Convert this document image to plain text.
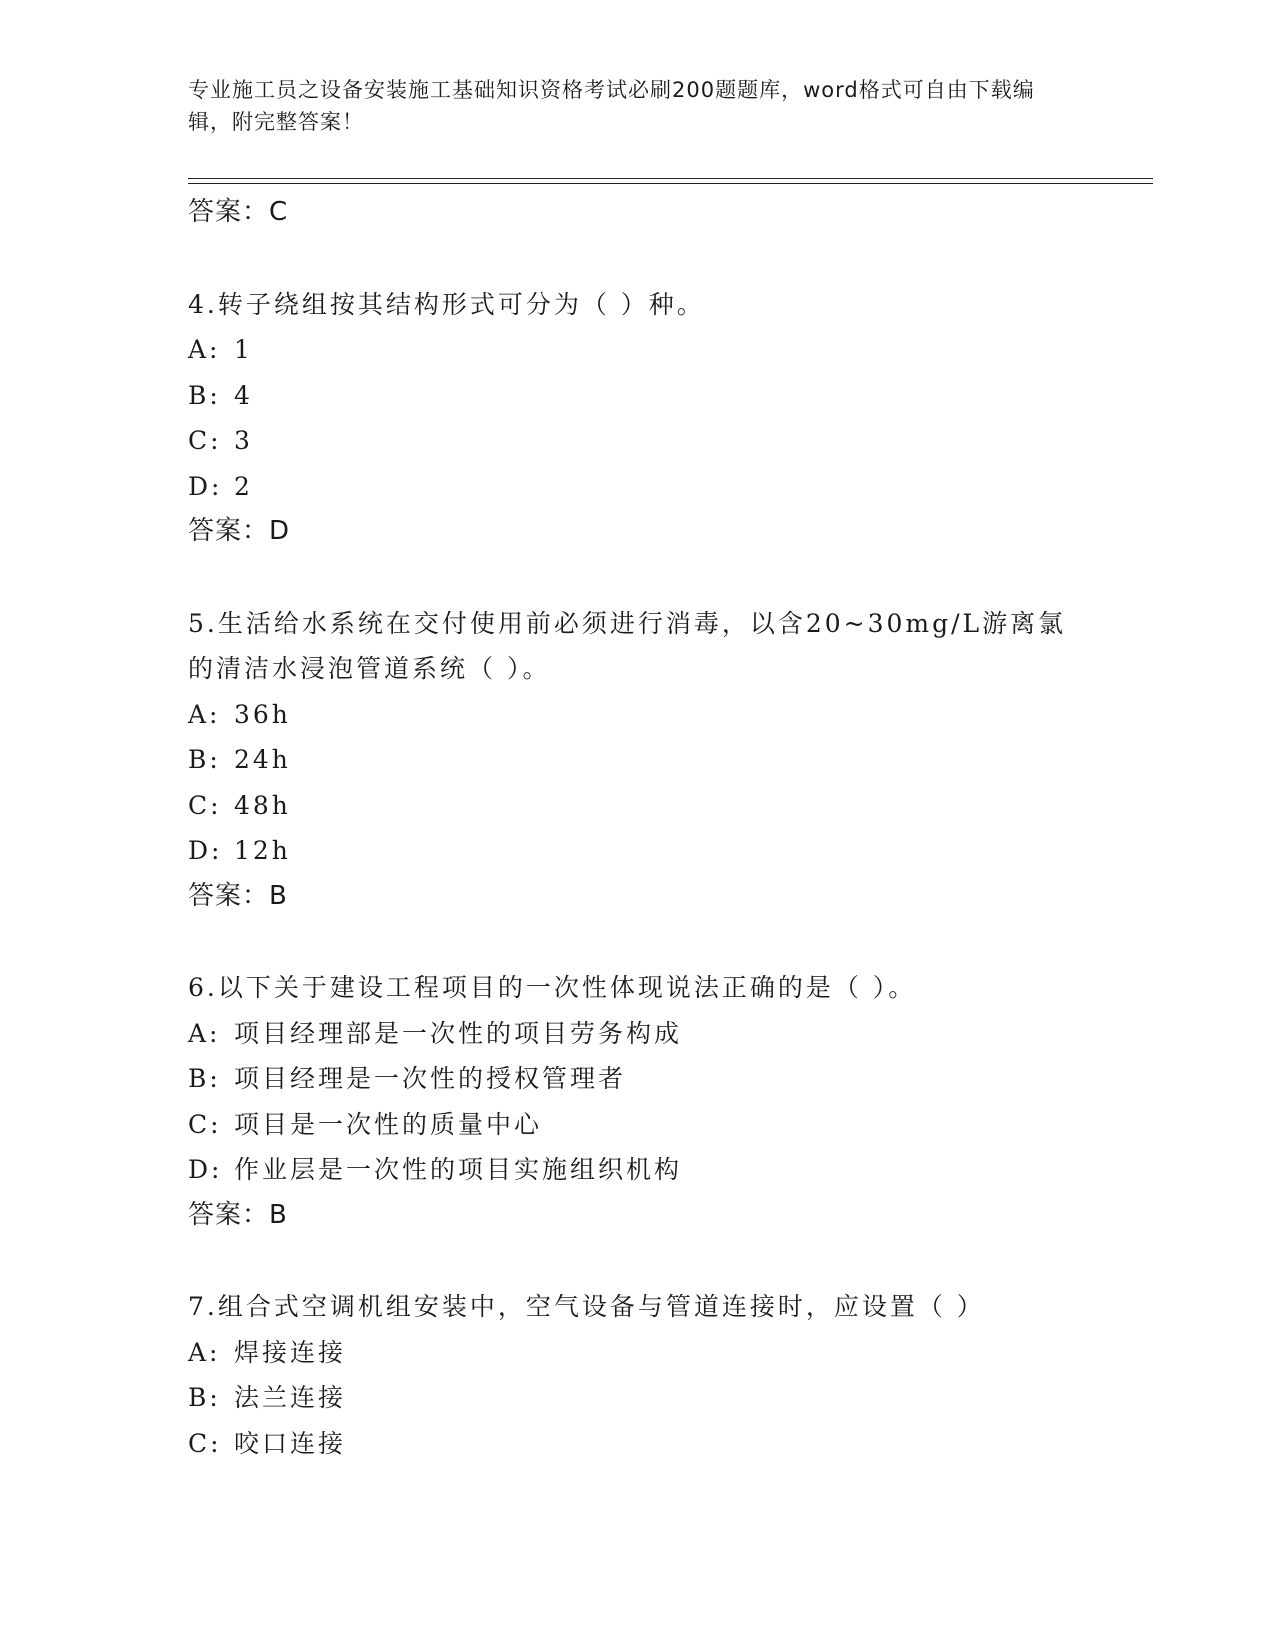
专业施工员之设备安装施工基础知识资格考试必刷200题题库，word格式可自由下载编辑，附完整答案！

答案：C

4.转子绕组按其结构形式可分为（ ）种。

A: 1

B: 4

C: 3

D: 2

答案：D

5.生活给水系统在交付使用前必须进行消毒，以含20~30mg/L游离氯

的清洁水浸泡管道系统（ ）。

A: 36h

B: 24h

C: 48h

D: 12h

答案：B

6.以下关于建设工程项目的一次性体现说法正确的是（ ）。

A: 项目经理部是一次性的项目劳务构成

B: 项目经理是一次性的授权管理者

C: 项目是一次性的质量中心

D: 作业层是一次性的项目实施组织机构

答案：B

7.组合式空调机组安装中，空气设备与管道连接时，应设置（ ）

A: 焊接连接

B: 法兰连接

C: 咬口连接
